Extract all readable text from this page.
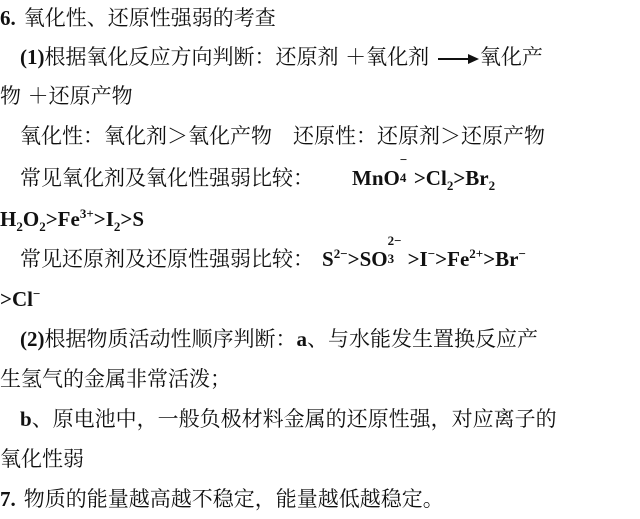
6. 氧化性、还原性强弱的考查
(1)根据氧化反应方向判断：还原剂 ＋氧化剂 →氧化产
物 ＋还原产物
氧化性：氧化剂＞氧化产物　还原性：还原剂＞还原产物
常见氧化剂及氧化性强弱比较： MnO
−
$4 >Cl_2>Br_2$
$H_2O_2>Fe^{3+}>I_2>S$
常见还原剂及还原性强弱比较： $S^{2-}>SO$
2−
$3 >I^->Fe^{2+}>Br^-$
>Cl−
(2)根据物质活动性顺序判断：a、与水能发生置换反应产
生氢气的金属非常活泼；
b、原电池中，一般负极材料金属的还原性强，对应离子的
氧化性弱
7. 物质的能量越高越不稳定，能量越低越稳定。
